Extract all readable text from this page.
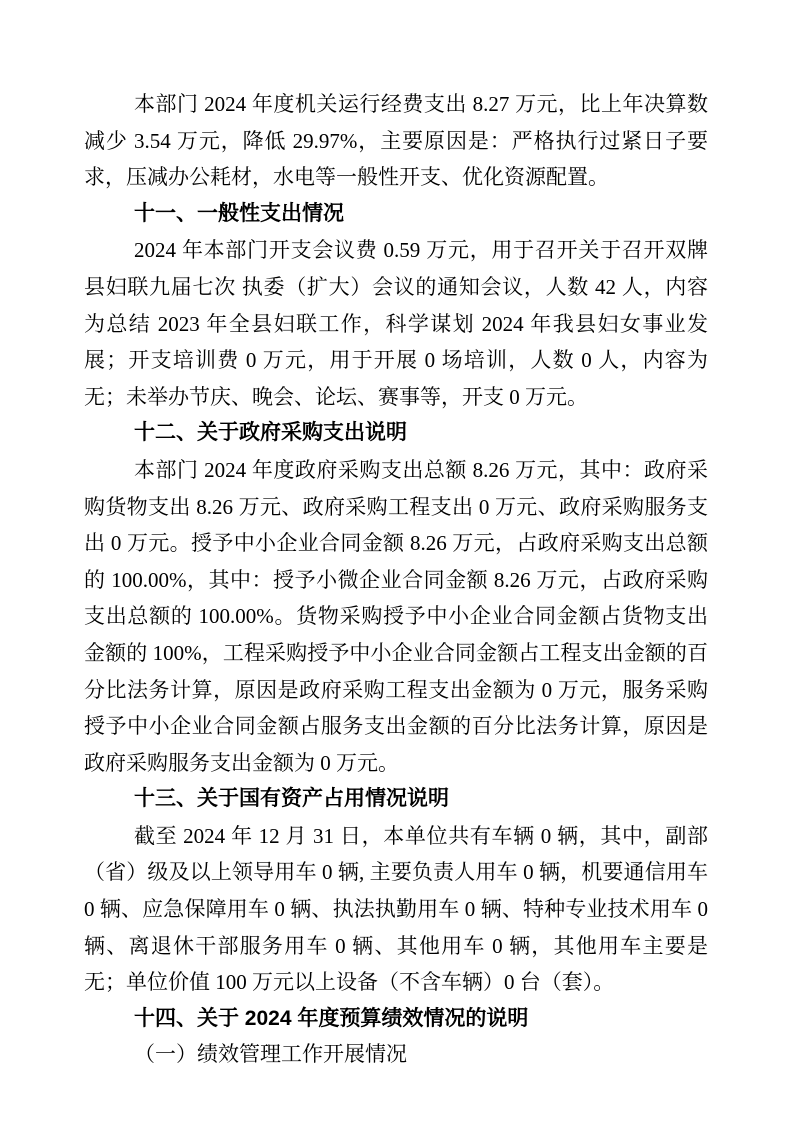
本部门 2024 年度机关运行经费支出 8.27 万元，比上年决算数减少 3.54 万元，降低 29.97%，主要原因是：严格执行过紧日子要求，压减办公耗材，水电等一般性开支、优化资源配置。

十一、一般性支出情况

2024 年本部门开支会议费 0.59 万元，用于召开关于召开双牌县妇联九届七次 执委（扩大）会议的通知会议，人数 42 人，内容为总结 2023 年全县妇联工作，科学谋划 2024 年我县妇女事业发展；开支培训费 0 万元，用于开展 0 场培训，人数 0 人，内容为无；未举办节庆、晚会、论坛、赛事等，开支 0 万元。

十二、关于政府采购支出说明

本部门 2024 年度政府采购支出总额 8.26 万元，其中：政府采购货物支出 8.26 万元、政府采购工程支出 0 万元、政府采购服务支出 0 万元。授予中小企业合同金额 8.26 万元，占政府采购支出总额的 100.00%，其中：授予小微企业合同金额 8.26 万元，占政府采购支出总额的 100.00%。货物采购授予中小企业合同金额占货物支出金额的 100%，工程采购授予中小企业合同金额占工程支出金额的百分比法务计算，原因是政府采购工程支出金额为 0 万元，服务采购授予中小企业合同金额占服务支出金额的百分比法务计算，原因是政府采购服务支出金额为 0 万元。

十三、关于国有资产占用情况说明

截至 2024 年 12 月 31 日，本单位共有车辆 0 辆，其中，副部（省）级及以上领导用车 0 辆, 主要负责人用车 0 辆，机要通信用车 0 辆、应急保障用车 0 辆、执法执勤用车 0 辆、特种专业技术用车 0 辆、离退休干部服务用车 0 辆、其他用车 0 辆，其他用车主要是无；单位价值 100 万元以上设备（不含车辆）0 台（套）。

十四、关于 2024 年度预算绩效情况的说明
（一）绩效管理工作开展情况
